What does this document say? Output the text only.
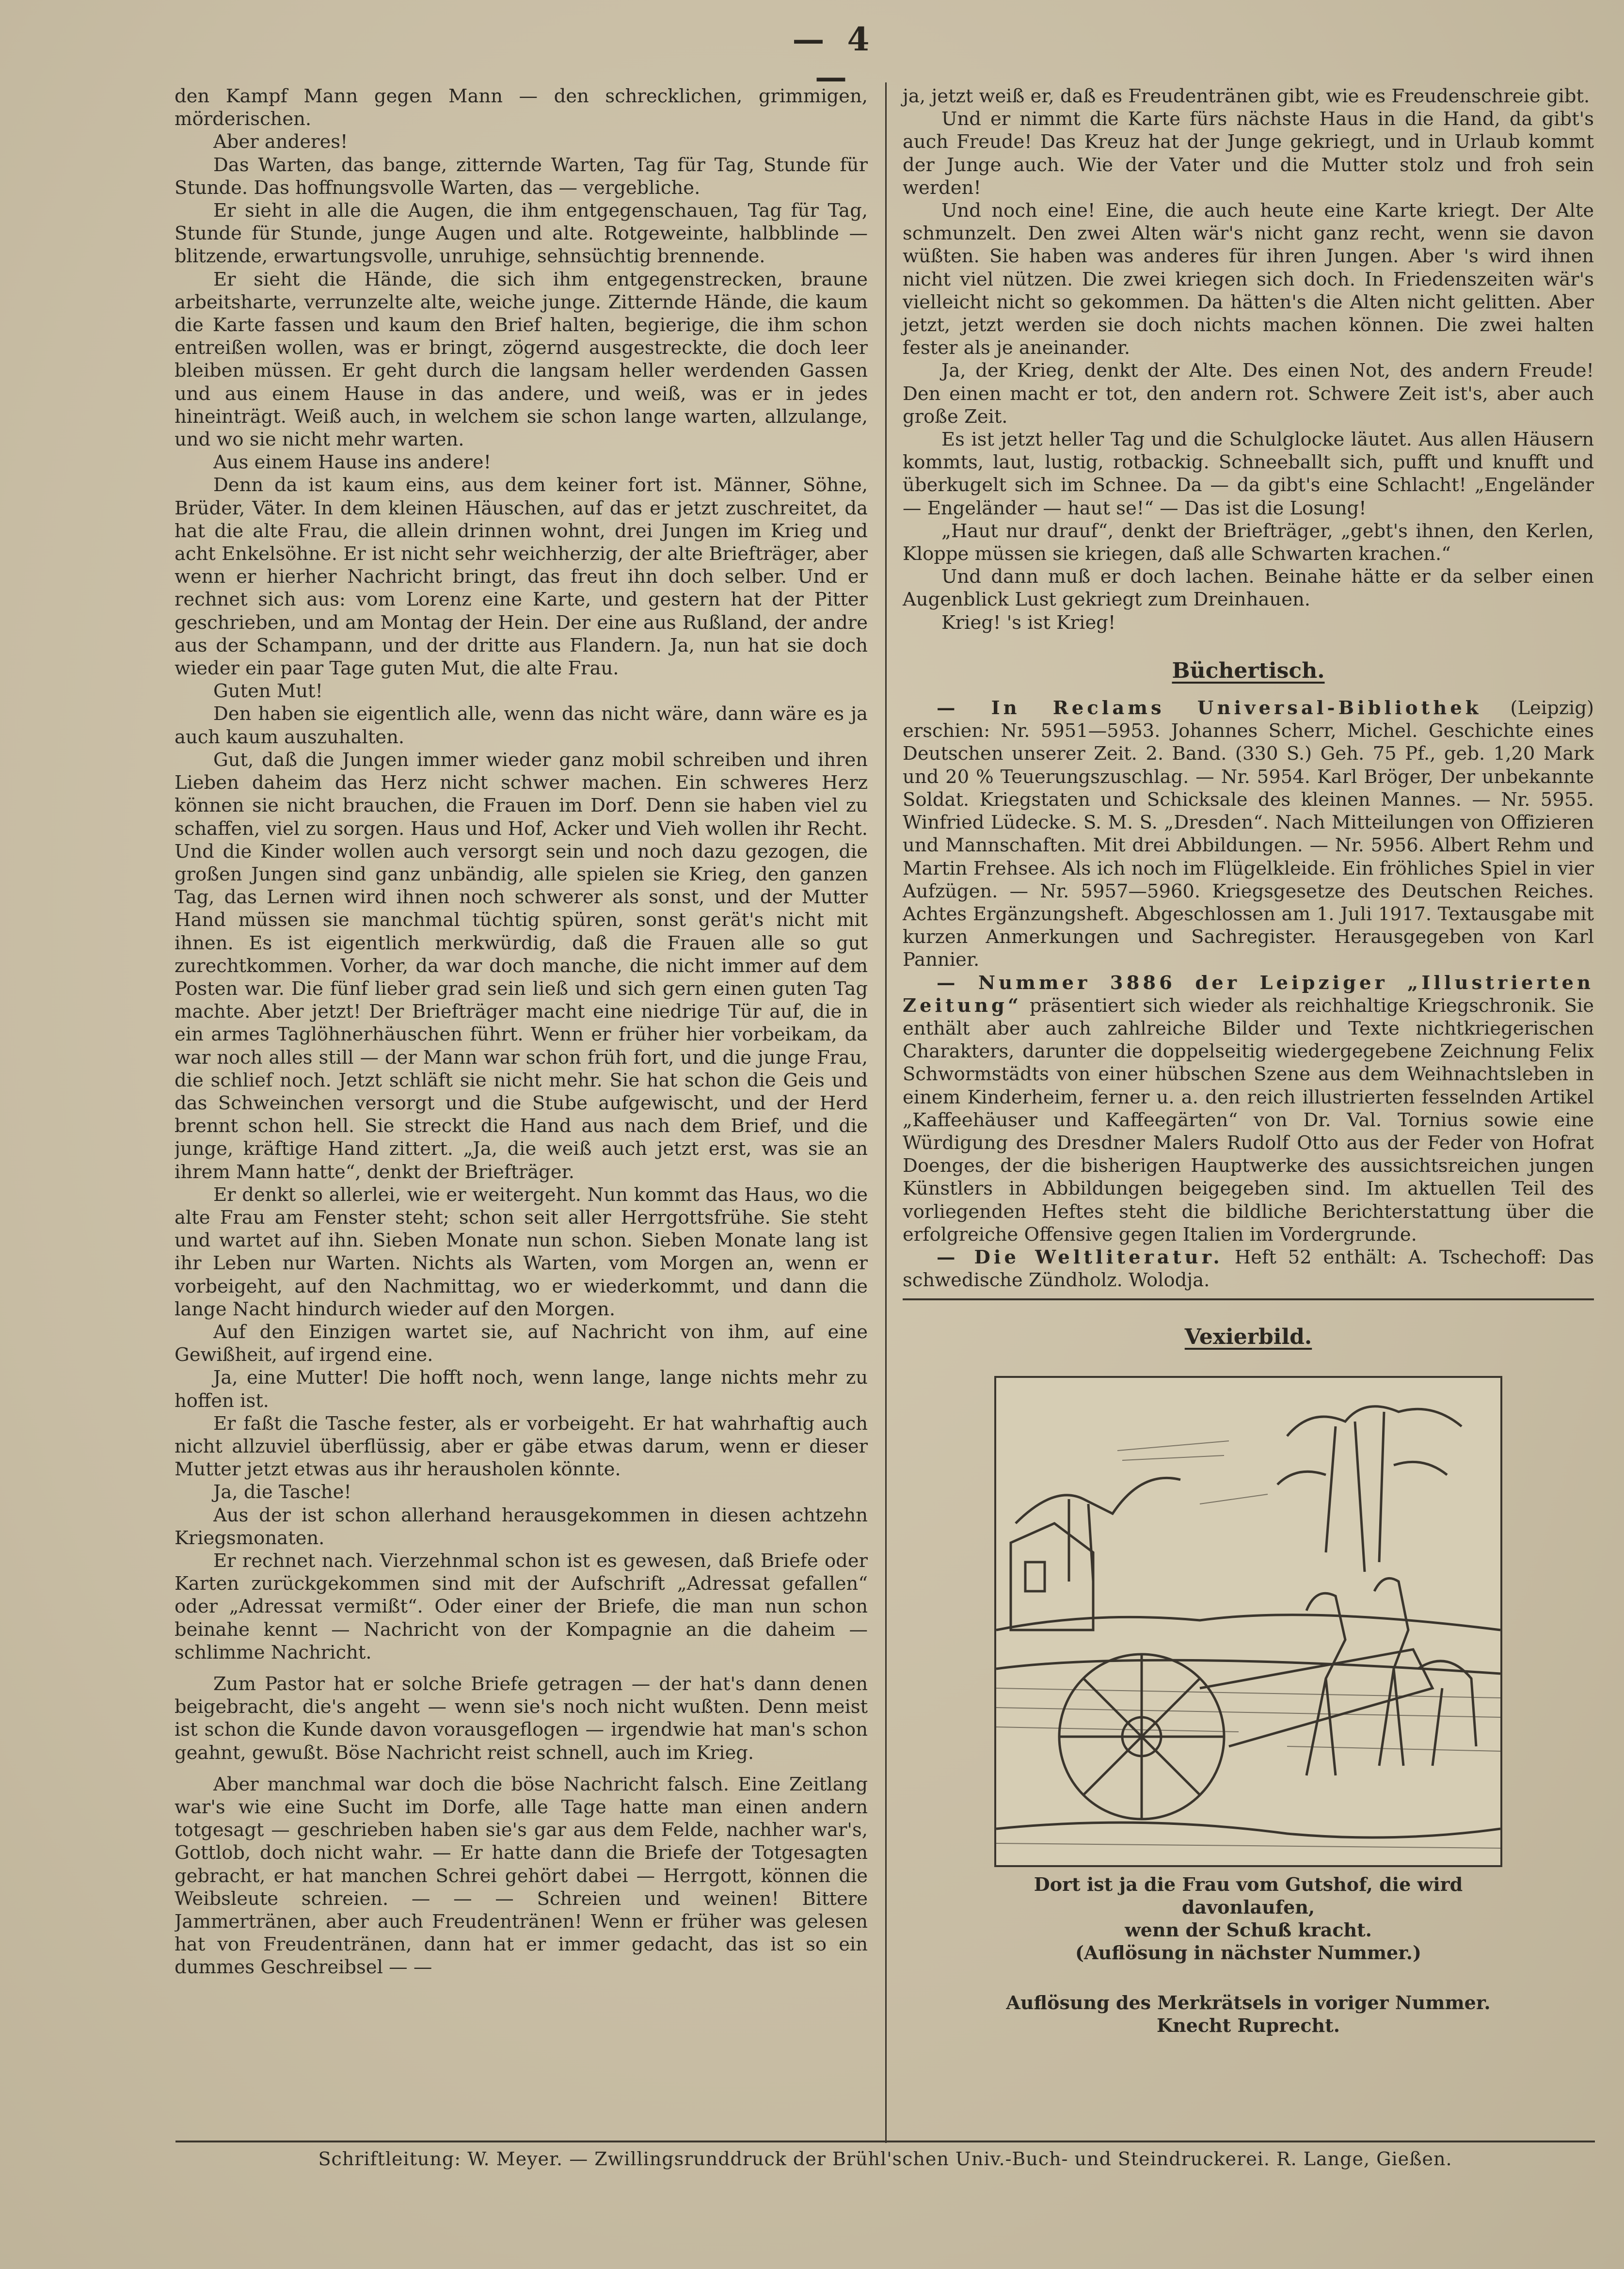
— 4 —

den Kampf Mann gegen Mann — den schrecklichen, grimmigen, mörderischen.

Aber anderes!

Das Warten, das bange, zitternde Warten, Tag für Tag, Stunde für Stunde. Das hoffnungsvolle Warten, das — vergebliche.

Er sieht in alle die Augen, die ihm entgegenschauen, Tag für Tag, Stunde für Stunde, junge Augen und alte. Rotgeweinte, halbblinde — blitzende, erwartungsvolle, unruhige, sehnsüchtig brennende.

Er sieht die Hände, die sich ihm entgegenstrecken, braune arbeitsharte, verrunzelte alte, weiche junge. Zitternde Hände, die kaum die Karte fassen und kaum den Brief halten, begierige, die ihm schon entreißen wollen, was er bringt, zögernd ausgestreckte, die doch leer bleiben müssen. Er geht durch die langsam heller werdenden Gassen und aus einem Hause in das andere, und weiß, was er in jedes hineinträgt. Weiß auch, in welchem sie schon lange warten, allzulange, und wo sie nicht mehr warten.

Aus einem Hause ins andere!

Denn da ist kaum eins, aus dem keiner fort ist. Männer, Söhne, Brüder, Väter. In dem kleinen Häuschen, auf das er jetzt zuschreitet, da hat die alte Frau, die allein drinnen wohnt, drei Jungen im Krieg und acht Enkelsöhne. Er ist nicht sehr weichherzig, der alte Briefträger, aber wenn er hierher Nachricht bringt, das freut ihn doch selber. Und er rechnet sich aus: vom Lorenz eine Karte, und gestern hat der Pitter geschrieben, und am Montag der Hein. Der eine aus Rußland, der andre aus der Schampann, und der dritte aus Flandern. Ja, nun hat sie doch wieder ein paar Tage guten Mut, die alte Frau.

Guten Mut!

Den haben sie eigentlich alle, wenn das nicht wäre, dann wäre es ja auch kaum auszuhalten.

Gut, daß die Jungen immer wieder ganz mobil schreiben und ihren Lieben daheim das Herz nicht schwer machen. Ein schweres Herz können sie nicht brauchen, die Frauen im Dorf. Denn sie haben viel zu schaffen, viel zu sorgen. Haus und Hof, Acker und Vieh wollen ihr Recht. Und die Kinder wollen auch versorgt sein und noch dazu gezogen, die großen Jungen sind ganz unbändig, alle spielen sie Krieg, den ganzen Tag, das Lernen wird ihnen noch schwerer als sonst, und der Mutter Hand müssen sie manchmal tüchtig spüren, sonst gerät's nicht mit ihnen. Es ist eigentlich merkwürdig, daß die Frauen alle so gut zurechtkommen. Vorher, da war doch manche, die nicht immer auf dem Posten war. Die fünf lieber grad sein ließ und sich gern einen guten Tag machte. Aber jetzt! Der Briefträger macht eine niedrige Tür auf, die in ein armes Taglöhnerhäuschen führt. Wenn er früher hier vorbeikam, da war noch alles still — der Mann war schon früh fort, und die junge Frau, die schlief noch. Jetzt schläft sie nicht mehr. Sie hat schon die Geis und das Schweinchen versorgt und die Stube aufgewischt, und der Herd brennt schon hell. Sie streckt die Hand aus nach dem Brief, und die junge, kräftige Hand zittert. „Ja, die weiß auch jetzt erst, was sie an ihrem Mann hatte“, denkt der Briefträger.

Er denkt so allerlei, wie er weitergeht. Nun kommt das Haus, wo die alte Frau am Fenster steht; schon seit aller Herrgottsfrühe. Sie steht und wartet auf ihn. Sieben Monate nun schon. Sieben Monate lang ist ihr Leben nur Warten. Nichts als Warten, vom Morgen an, wenn er vorbeigeht, auf den Nachmittag, wo er wiederkommt, und dann die lange Nacht hindurch wieder auf den Morgen.

Auf den Einzigen wartet sie, auf Nachricht von ihm, auf eine Gewißheit, auf irgend eine.

Ja, eine Mutter! Die hofft noch, wenn lange, lange nichts mehr zu hoffen ist.

Er faßt die Tasche fester, als er vorbeigeht. Er hat wahrhaftig auch nicht allzuviel überflüssig, aber er gäbe etwas darum, wenn er dieser Mutter jetzt etwas aus ihr herausholen könnte.

Ja, die Tasche!

Aus der ist schon allerhand herausgekommen in diesen achtzehn Kriegsmonaten.

Er rechnet nach. Vierzehnmal schon ist es gewesen, daß Briefe oder Karten zurückgekommen sind mit der Aufschrift „Adressat gefallen“ oder „Adressat vermißt“. Oder einer der Briefe, die man nun schon beinahe kennt — Nachricht von der Kompagnie an die daheim — schlimme Nachricht.

Zum Pastor hat er solche Briefe getragen — der hat's dann denen beigebracht, die's angeht — wenn sie's noch nicht wußten. Denn meist ist schon die Kunde davon vorausgeflogen — irgendwie hat man's schon geahnt, gewußt. Böse Nachricht reist schnell, auch im Krieg.

Aber manchmal war doch die böse Nachricht falsch. Eine Zeitlang war's wie eine Sucht im Dorfe, alle Tage hatte man einen andern totgesagt — geschrieben haben sie's gar aus dem Felde, nachher war's, Gottlob, doch nicht wahr. — Er hatte dann die Briefe der Totgesagten gebracht, er hat manchen Schrei gehört dabei — Herrgott, können die Weibsleute schreien. — — — Schreien und weinen! Bittere Jammertränen, aber auch Freudentränen! Wenn er früher was gelesen hat von Freudentränen, dann hat er immer gedacht, das ist so ein dummes Geschreibsel — —

ja, jetzt weiß er, daß es Freudentränen gibt, wie es Freudenschreie gibt.

Und er nimmt die Karte fürs nächste Haus in die Hand, da gibt's auch Freude! Das Kreuz hat der Junge gekriegt, und in Urlaub kommt der Junge auch. Wie der Vater und die Mutter stolz und froh sein werden!

Und noch eine! Eine, die auch heute eine Karte kriegt. Der Alte schmunzelt. Den zwei Alten wär's nicht ganz recht, wenn sie davon wüßten. Sie haben was anderes für ihren Jungen. Aber 's wird ihnen nicht viel nützen. Die zwei kriegen sich doch. In Friedenszeiten wär's vielleicht nicht so gekommen. Da hätten's die Alten nicht gelitten. Aber jetzt, jetzt werden sie doch nichts machen können. Die zwei halten fester als je aneinander.

Ja, der Krieg, denkt der Alte. Des einen Not, des andern Freude! Den einen macht er tot, den andern rot. Schwere Zeit ist's, aber auch große Zeit.

Es ist jetzt heller Tag und die Schulglocke läutet. Aus allen Häusern kommts, laut, lustig, rotbackig. Schneeballt sich, pufft und knufft und überkugelt sich im Schnee. Da — da gibt's eine Schlacht! „Engeländer — Engeländer — haut se!“ — Das ist die Losung!

„Haut nur drauf“, denkt der Briefträger, „gebt's ihnen, den Kerlen, Kloppe müssen sie kriegen, daß alle Schwarten krachen.“

Und dann muß er doch lachen. Beinahe hätte er da selber einen Augenblick Lust gekriegt zum Dreinhauen.

Krieg! 's ist Krieg!

Büchertisch.

— In Reclams Universal-Bibliothek (Leipzig) erschien: Nr. 5951—5953. Johannes Scherr, Michel. Geschichte eines Deutschen unserer Zeit. 2. Band. (330 S.) Geh. 75 Pf., geb. 1,20 Mark und 20 % Teuerungszuschlag. — Nr. 5954. Karl Bröger, Der unbekannte Soldat. Kriegstaten und Schicksale des kleinen Mannes. — Nr. 5955. Winfried Lüdecke. S. M. S. „Dresden“. Nach Mitteilungen von Offizieren und Mannschaften. Mit drei Abbildungen. — Nr. 5956. Albert Rehm und Martin Frehsee. Als ich noch im Flügelkleide. Ein fröhliches Spiel in vier Aufzügen. — Nr. 5957—5960. Kriegsgesetze des Deutschen Reiches. Achtes Ergänzungsheft. Abgeschlossen am 1. Juli 1917. Textausgabe mit kurzen Anmerkungen und Sachregister. Herausgegeben von Karl Pannier.

— Nummer 3886 der Leipziger „Illustrierten Zeitung“ präsentiert sich wieder als reichhaltige Kriegschronik. Sie enthält aber auch zahlreiche Bilder und Texte nichtkriegerischen Charakters, darunter die doppelseitig wiedergegebene Zeichnung Felix Schwormstädts von einer hübschen Szene aus dem Weihnachtsleben in einem Kinderheim, ferner u. a. den reich illustrierten fesselnden Artikel „Kaffeehäuser und Kaffeegärten“ von Dr. Val. Tornius sowie eine Würdigung des Dresdner Malers Rudolf Otto aus der Feder von Hofrat Doenges, der die bisherigen Hauptwerke des aussichtsreichen jungen Künstlers in Abbildungen beigegeben sind. Im aktuellen Teil des vorliegenden Heftes steht die bildliche Berichterstattung über die erfolgreiche Offensive gegen Italien im Vordergrunde.

— Die Weltliteratur. Heft 52 enthält: A. Tschechoff: Das schwedische Zündholz. Wolodja.

Vexierbild.
Dort ist ja die Frau vom Gutshof, die wird davonlaufen,
wenn der Schuß kracht.
(Auflösung in nächster Nummer.)
Auflösung des Merkrätsels in voriger Nummer.
Knecht Ruprecht.
Schriftleitung: W. Meyer. — Zwillingsrunddruck der Brühl'schen Univ.-Buch- und Steindruckerei. R. Lange, Gießen.
